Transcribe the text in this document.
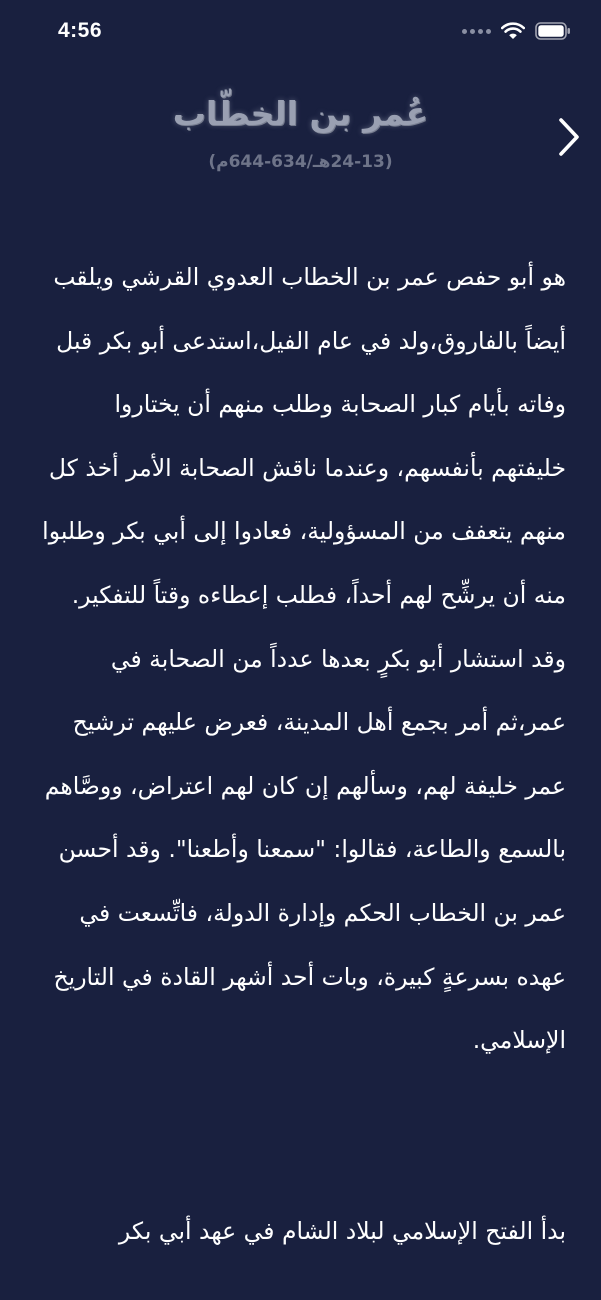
4:56
عُمر بن الخطّاب
(24-13هـ/634-644م)

هو أبو حفص عمر بن الخطاب العدوي القرشي ويلقب أيضاً بالفاروق،ولد في عام الفيل،استدعى أبو بكر قبل وفاته بأيام كبار الصحابة وطلب منهم أن يختاروا خليفتهم بأنفسهم، وعندما ناقش الصحابة الأمر أخذ كل منهم يتعفف من المسؤولية، فعادوا إلى أبي بكر وطلبوا منه أن يرشِّح لهم أحداً، فطلب إعطاءه وقتاً للتفكير. وقد استشار أبو بكرٍ بعدها عدداً من الصحابة في عمر،ثم أمر بجمع أهل المدينة، فعرض عليهم ترشيح عمر خليفة لهم، وسألهم إن كان لهم اعتراض، ووصَّاهم بالسمع والطاعة، فقالوا: "سمعنا وأطعنا". وقد أحسن عمر بن الخطاب الحكم وإدارة الدولة، فاتِّسعت في عهده بسرعةٍ كبيرة، وبات أحد أشهر القادة في التاريخ الإسلامي.

بدأ الفتح الإسلامي لبلاد الشام في عهد أبي بكر
